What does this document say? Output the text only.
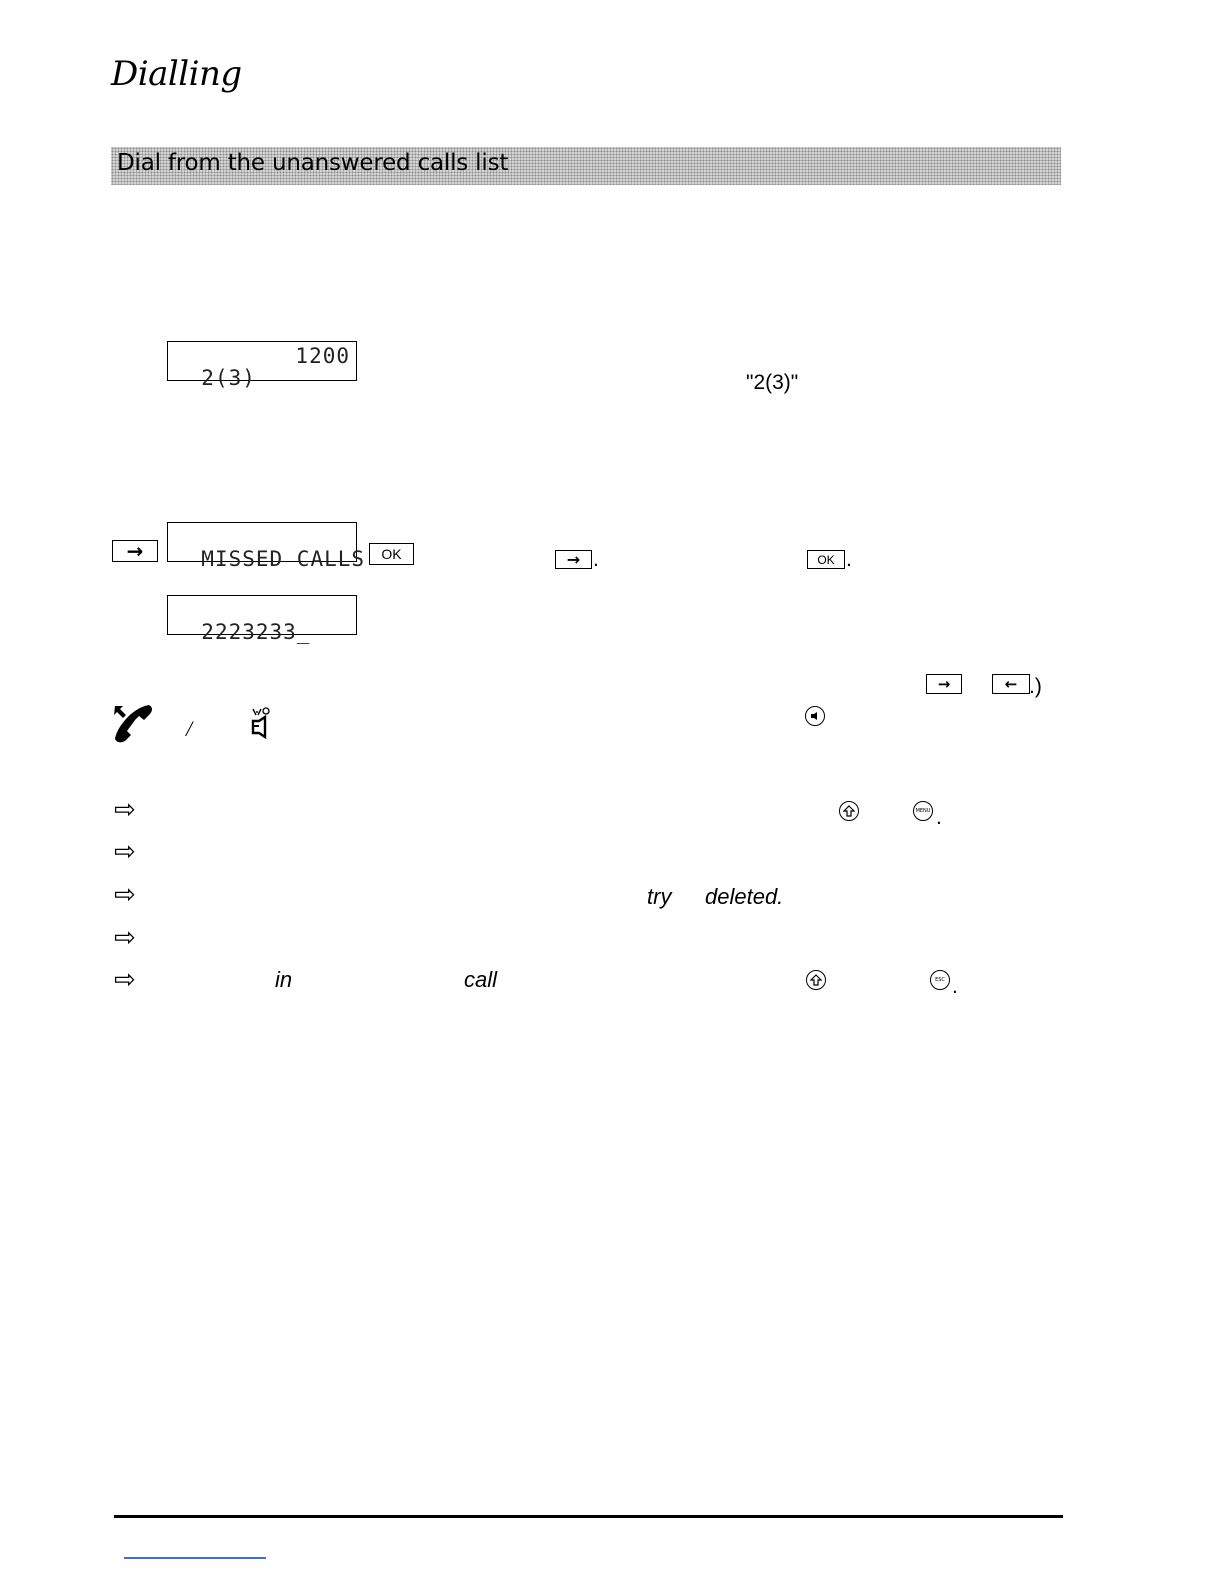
Dialling
Dial from the unanswered calls list

2(3)

1200

"2(3)"
→	MISSED CALLS OK	→ .	OK .

2223233_

→	← .)
/
⇨	MENU .
⇨
⇨	try deleted.
⇨
⇨	in	call	ESC .
